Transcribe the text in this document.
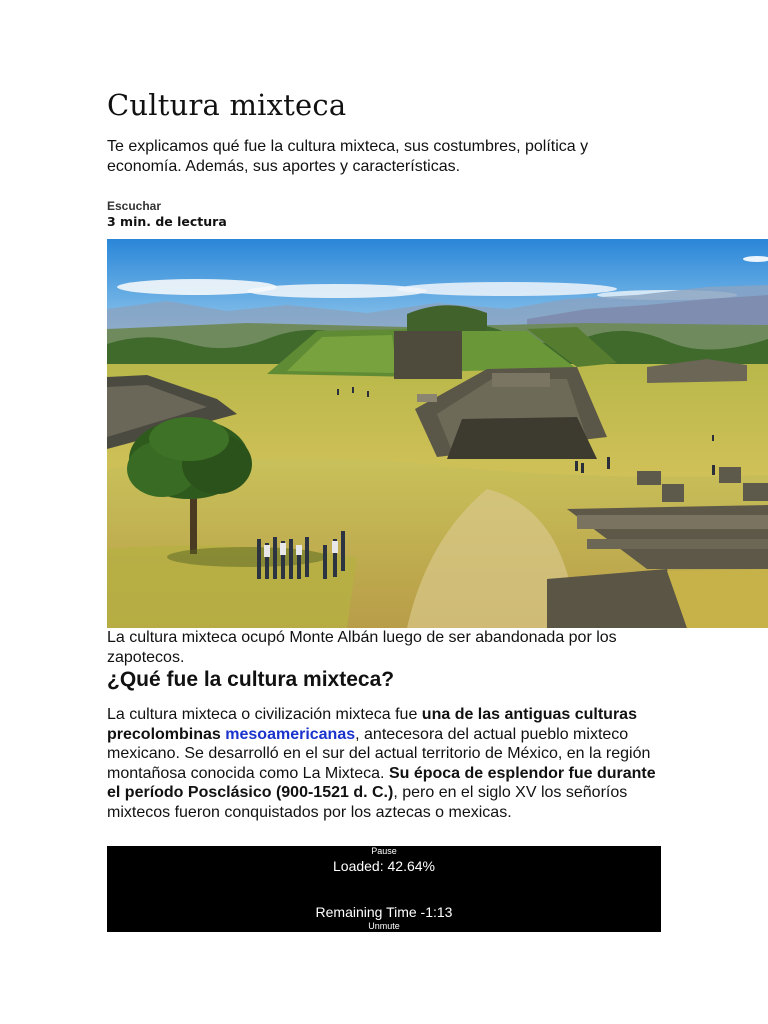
Cultura mixteca

Te explicamos qué fue la cultura mixteca, sus costumbres, política y economía. Además, sus aportes y características.

Escuchar

3 min. de lectura

La cultura mixteca ocupó Monte Albán luego de ser abandonada por los zapotecos.

¿Qué fue la cultura mixteca?

La cultura mixteca o civilización mixteca fue una de las antiguas culturas precolombinas mesoamericanas, antecesora del actual pueblo mixteco mexicano. Se desarrolló en el sur del actual territorio de México, en la región montañosa conocida como La Mixteca. Su época de esplendor fue durante el período Posclásico (900-1521 d. C.), pero en el siglo XV los señoríos mixtecos fueron conquistados por los aztecas o mexicas.

Pause
Loaded: 42.64%
Remaining Time -1:13
Unmute
